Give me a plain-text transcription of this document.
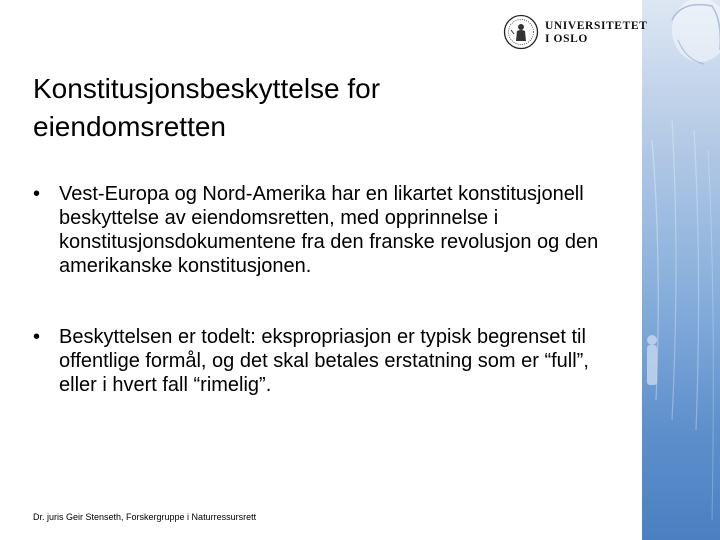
UNIVERSITETET
I OSLO
Konstitusjonsbeskyttelse for
eiendomsretten
• Vest-Europa og Nord-Amerika har en likartet konstitusjonell beskyttelse av eiendomsretten, med opprinnelse i konstitusjonsdokumentene fra den franske revolusjon og den amerikanske konstitusjonen.
• Beskyttelsen er todelt: ekspropriasjon er typisk begrenset til offentlige formål, og det skal betales erstatning som er “full”, eller i hvert fall “rimelig”.
Dr. juris Geir Stenseth, Forskergruppe i Naturressursrett
